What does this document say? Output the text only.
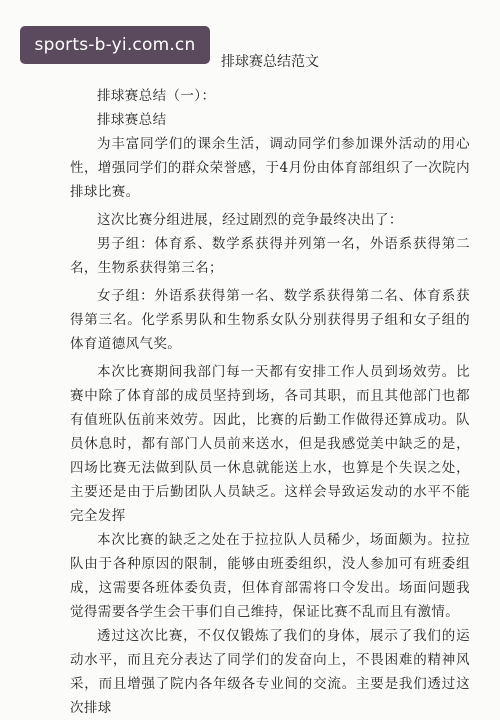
sports-b-yi.com.cn
排球赛总结范文

排球赛总结（一）：

排球赛总结

为丰富同学们的课余生活，调动同学们参加课外活动的用心 性，增强同学们的群众荣誉感，于4月份由体育部组织了一次院内 排球比赛。

这次比赛分组进展，经过剧烈的竞争最终决出了：

男子组：体育系、数学系获得并列第一名，外语系获得第二 名，生物系获得第三名；

女子组：外语系获得第一名、数学系获得第二名、体育系获得第三名。化学系男队和生物系女队分别获得男子组和女子组的体育道德风气奖。

本次比赛期间我部门每一天都有安排工作人员到场效劳。比赛中除了体育部的成员坚持到场，各司其职，而且其他部门也都有值班队伍前来效劳。因此，比赛的后勤工作做得还算成功。队员休息时，都有部门人员前来送水，但是我感觉美中缺乏的是，四场比赛无法做到队员一休息就能送上水，也算是个失误之处，主要还是由于后勤团队人员缺乏。这样会导致运发动的水平不能完全发挥

本次比赛的缺乏之处在于拉拉队人员稀少，场面颇为。拉拉队由于各种原因的限制，能够由班委组织，没人参加可有班委组成，这需要各班体委负责，但体育部需将口令发出。场面问题我觉得需要各学生会干事们自己维持，保证比赛不乱而且有激情。

透过这次比赛，不仅仅锻炼了我们的身体，展示了我们的运动水平，而且充分表达了同学们的发奋向上，不畏困难的精神风采，而且增强了院内各年级各专业间的交流。主要是我们透过这次排球
